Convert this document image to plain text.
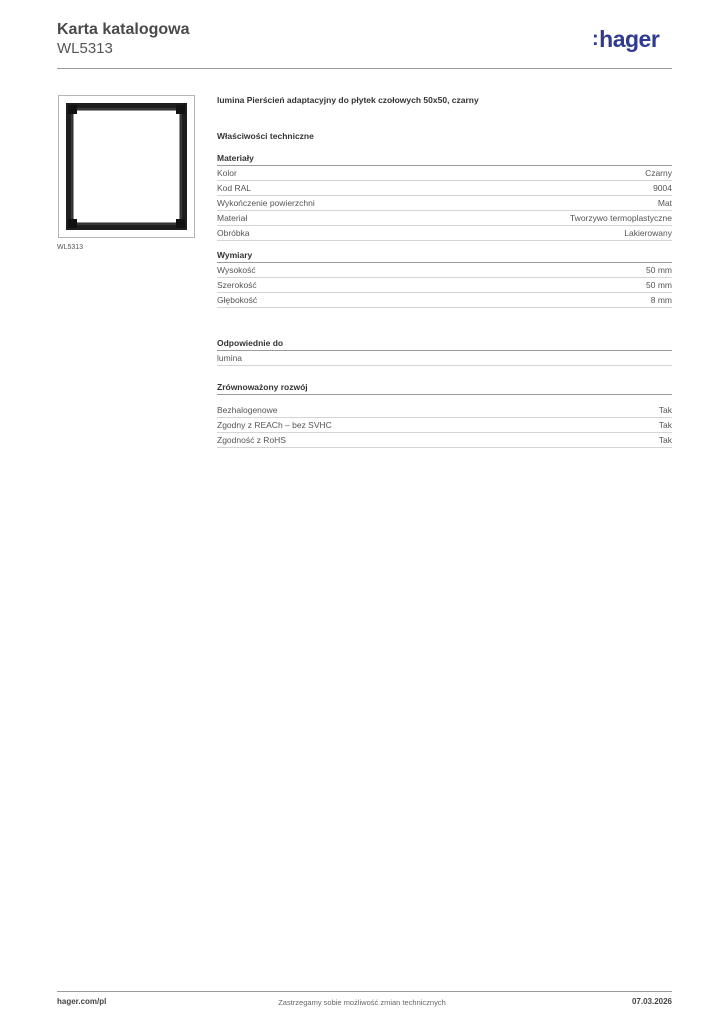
Karta katalogowa
WL5313	:hager
WL5313
lumina Pierścień adaptacyjny do płytek czołowych 50x50, czarny
Właściwości techniczne
Materiały
Kolor	Czarny
Kod RAL	9004
Wykończenie powierzchni	Mat
Materiał	Tworzywo termoplastyczne
Obróbka	Lakierowany
Wymiary
Wysokość	50 mm
Szerokość	50 mm
Głębokość	8 mm
Odpowiednie do
lumina
Zrównoważony rozwój
Bezhalogenowe	Tak
Zgodny z REACh – bez SVHC	Tak
Zgodność z RoHS	Tak
hager.com/pl	Zastrzegamy sobie możliwość zmian technicznych	07.03.2026
